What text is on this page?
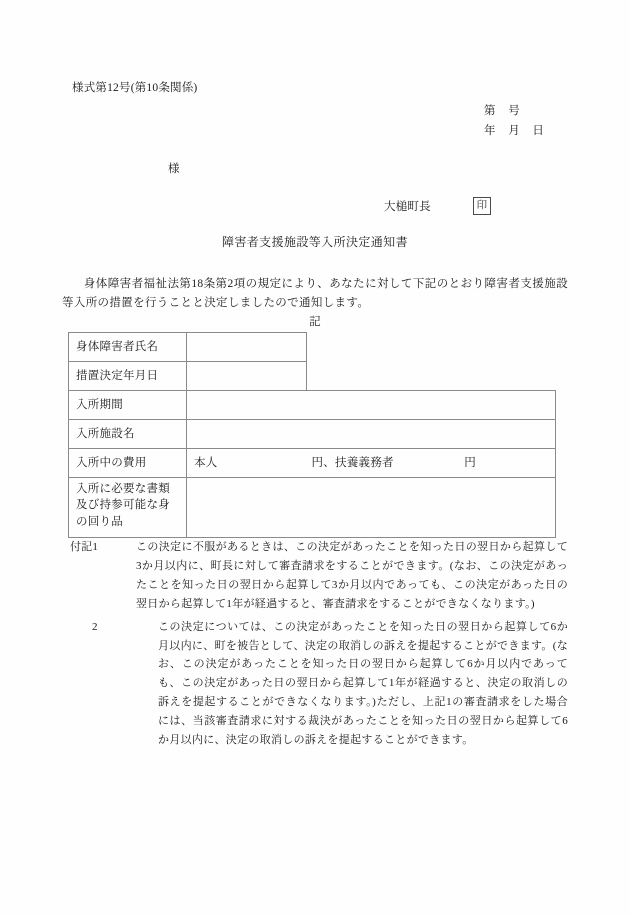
様式第12号(第10条関係)
第　号
年　月　日
様
大槌町長	印
障害者支援施設等入所決定通知書
身体障害者福祉法第18条第2項の規定により、あなたに対して下記のとおり障害者支援施設等入所の措置を行うことと決定しましたので通知します。
記
身体障害者氏名		
措置決定年月日		
入所期間		
入所施設名		
入所中の費用	本人　　　　　　　　円、扶養義務者　　　　　　円	

入所に必要な書類及び持参可能な身の回り品		
付記1	この決定に不服があるときは、この決定があったことを知った日の翌日から起算して3か月以内に、町長に対して審査請求をすることができます。(なお、この決定があったことを知った日の翌日から起算して3か月以内であっても、この決定があった日の翌日から起算して1年が経過すると、審査請求をすることができなくなります。)
2	この決定については、この決定があったことを知った日の翌日から起算して6か月以内に、町を被告として、決定の取消しの訴えを提起することができます。(なお、この決定があったことを知った日の翌日から起算して6か月以内であっても、この決定があった日の翌日から起算して1年が経過すると、決定の取消しの訴えを提起することができなくなります。)ただし、上記1の審査請求をした場合には、当該審査請求に対する裁決があったことを知った日の翌日から起算して6か月以内に、決定の取消しの訴えを提起することができます。
